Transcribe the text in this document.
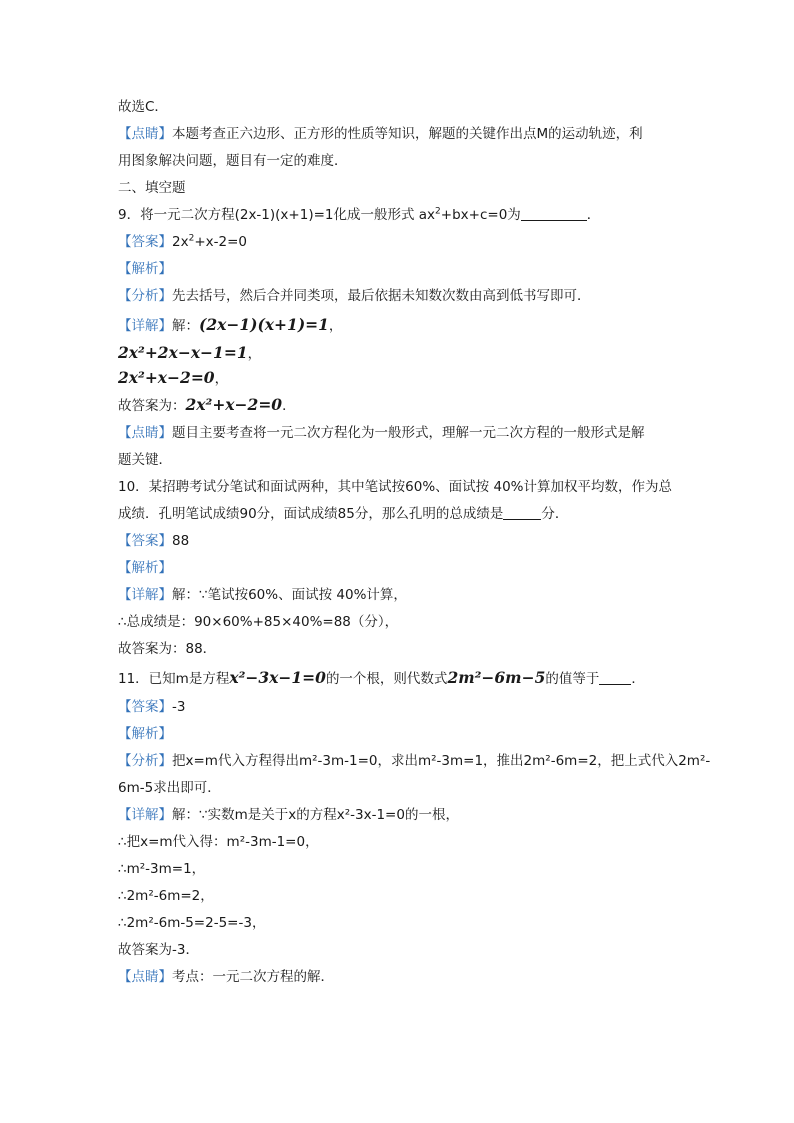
故选C．
【点睛】本题考查正六边形、正方形的性质等知识，解题的关键作出点M的运动轨迹，利
用图象解决问题，题目有一定的难度．
二、填空题
9．将一元二次方程(2x-1)(x+1)=1化成一般形式 $ax^2+bx+c=0$为	．
【答案】$2x^2+x-2=0$
【解析】
【分析】先去括号，然后合并同类项，最后依据未知数次数由高到低书写即可．
【详解】解：(2x−1)(x+1)=1，
2x²+2x−x−1=1，
2x²+x−2=0，
故答案为：2x²+x−2=0．
【点睛】题目主要考查将一元二次方程化为一般形式，理解一元二次方程的一般形式是解
题关键．
10．某招聘考试分笔试和面试两种，其中笔试按60%、面试按 40%计算加权平均数，作为总
成绩．孔明笔试成绩90分，面试成绩85分，那么孔明的总成绩是	分．
【答案】88
【解析】
【详解】解：∵笔试按60%、面试按 40%计算，
∴总成绩是：90×60%+85×40%=88（分），
故答案为：88．
11．已知m是方程x²−3x−1=0的一个根，则代数式2m²−6m−5的值等于 ．
【答案】-3
【解析】
【分析】把x=m代入方程得出m²-3m-1=0，求出m²-3m=1，推出2m²-6m=2，把上式代入2m²-
6m-5求出即可．
【详解】解：∵实数m是关于x的方程x²-3x-1=0的一根，
∴把x=m代入得：m²-3m-1=0，
∴m²-3m=1，
∴2m²-6m=2，
∴2m²-6m-5=2-5=-3，
故答案为-3．
【点睛】考点：一元二次方程的解．
